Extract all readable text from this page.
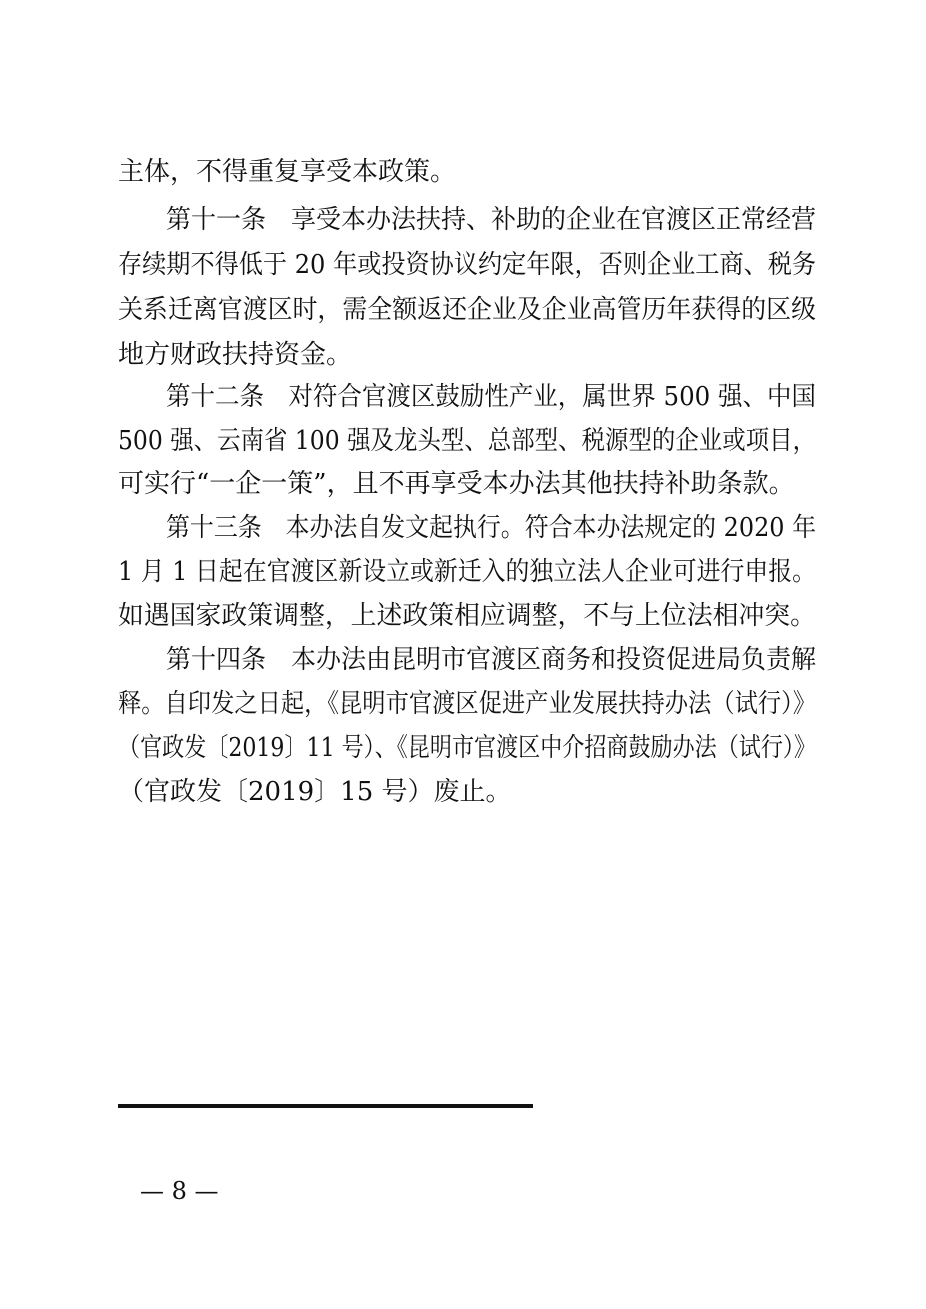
主体，不得重复享受本政策。
第十一条　享受本办法扶持、补助的企业在官渡区正常经营
存续期不得低于 20 年或投资协议约定年限，否则企业工商、税务
关系迁离官渡区时，需全额返还企业及企业高管历年获得的区级
地方财政扶持资金。
第十二条　对符合官渡区鼓励性产业，属世界 500 强、中国
500 强、云南省 100 强及龙头型、总部型、税源型的企业或项目，
可实行“一企一策”，且不再享受本办法其他扶持补助条款。
第十三条　本办法自发文起执行。符合本办法规定的 2020 年
1 月 1 日起在官渡区新设立或新迁入的独立法人企业可进行申报。
如遇国家政策调整，上述政策相应调整，不与上位法相冲突。
第十四条　本办法由昆明市官渡区商务和投资促进局负责解
释。自印发之日起，《昆明市官渡区促进产业发展扶持办法（试行）》
（官政发〔2019〕11 号）、《昆明市官渡区中介招商鼓励办法（试行）》
（官政发〔2019〕15 号）废止。
— 8 —
